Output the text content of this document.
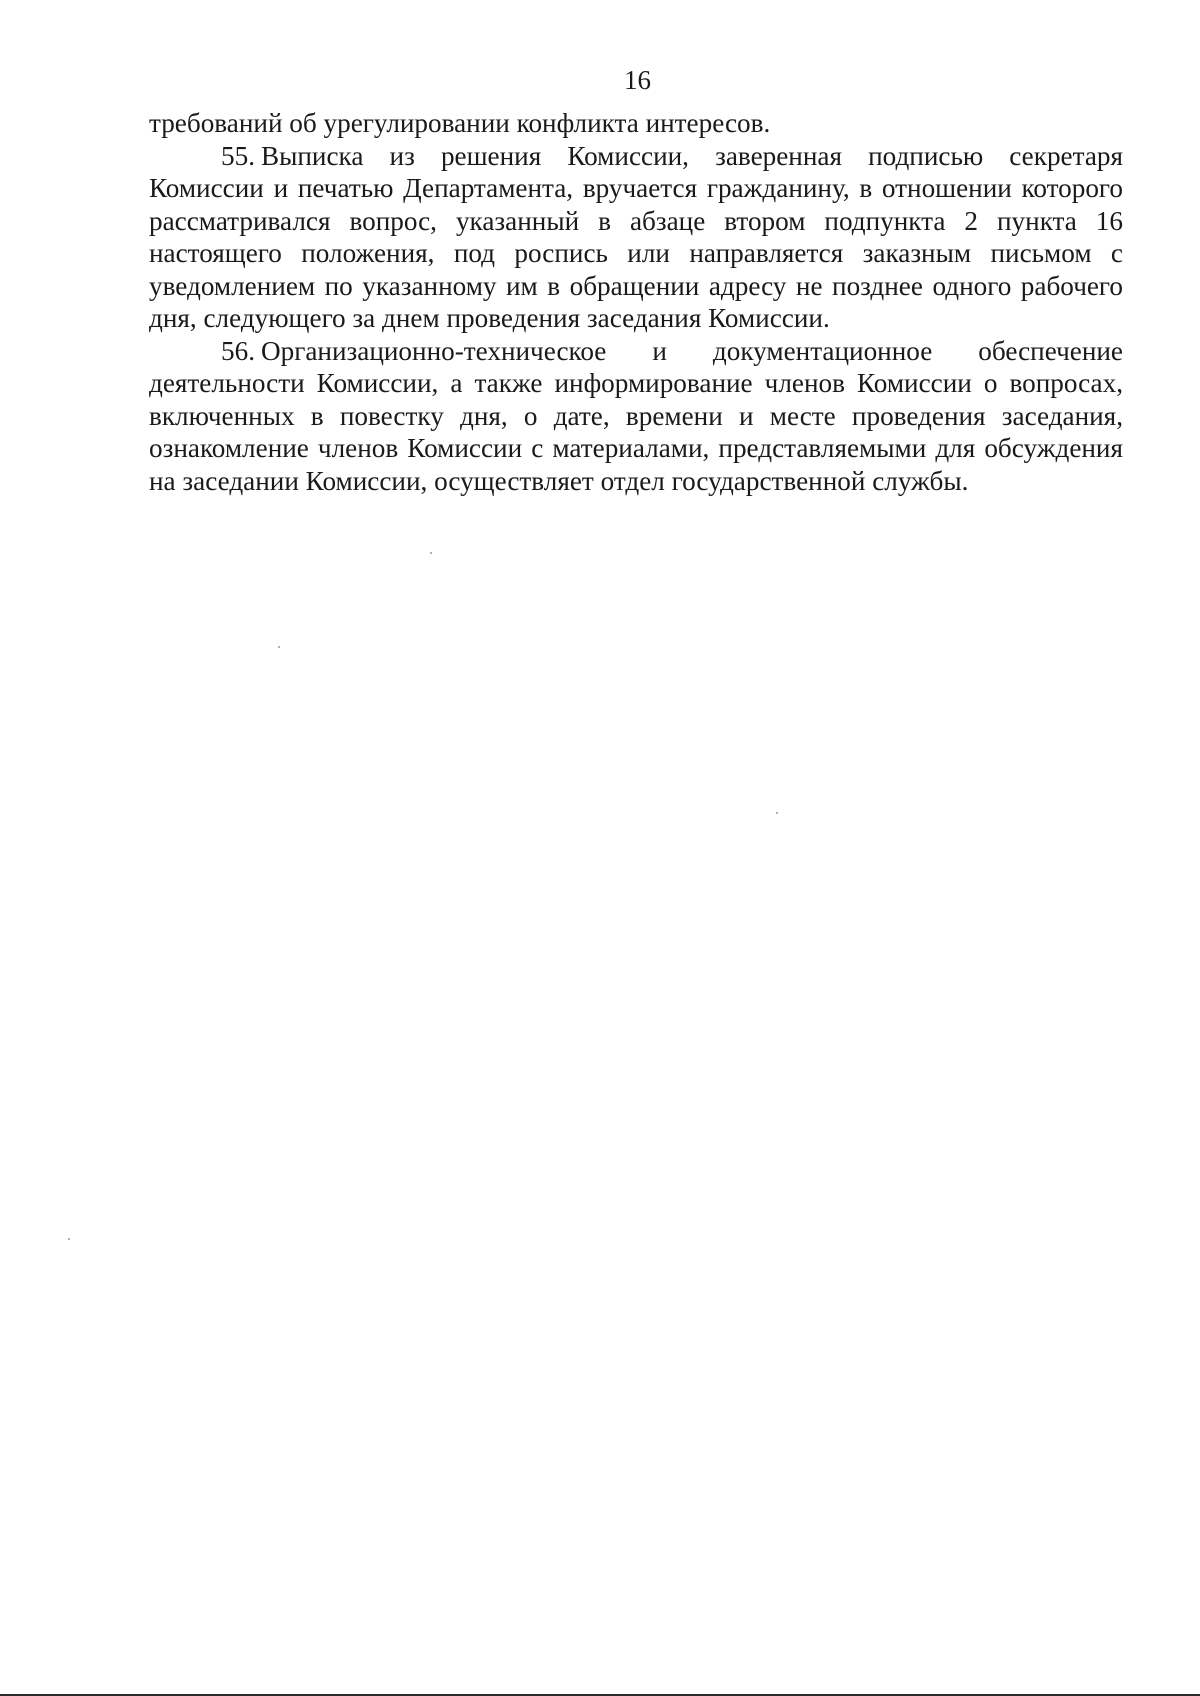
16

требований об урегулировании конфликта интересов.

55. Выписка из решения Комиссии, заверенная подписью секретаря Комиссии и печатью Департамента, вручается гражданину, в отношении которого рассматривался вопрос, указанный в абзаце втором подпункта 2 пункта 16 настоящего положения, под роспись или направляется заказным письмом с уведомлением по указанному им в обращении адресу не позднее одного рабочего дня, следующего за днем проведения заседания Комиссии.

56. Организационно-техническое и документационное обеспечение деятельности Комиссии, а также информирование членов Комиссии о вопросах, включенных в повестку дня, о дате, времени и месте проведения заседания, ознакомление членов Комиссии с материалами, представляемыми для обсуждения на заседании Комиссии, осуществляет отдел государственной службы.
